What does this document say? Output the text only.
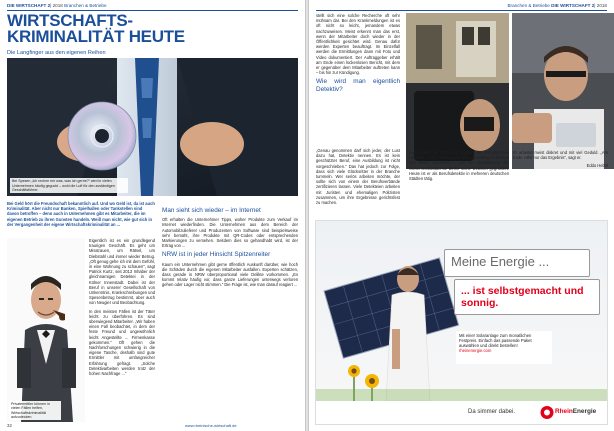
DIE WIRTSCHAFT 2| 2018 Branchen & Betriebe
WIRTSCHAFTS-
KRIMINALITÄT HEUTE
Die Langfinger aus den eigenen Reihen
Bei Spesen „ich rechne mir was, was ich gerne?“ wird in vielen Unternehmen häufig geguckt – wohl die Luft für den zuständigen Geschäftsführer.
Bei Geld hört die Freundschaft bekanntlich auf. Und wo Geld ist, da ist auch Kriminalität. Aber nicht nur Banken, Spielhallen oder Tankstellen sind davon betroffen – denn auch in Unternehmen gibt es Mitarbeiter, die im eigenen Betrieb zu ihren Gunsten handeln. Weiß man nicht, wie gut sich in der Vergangenheit der eigene Wirtschaftskriminalität an ...
Privatermittler können in vielen Fällen helfen, Wirtschaftskriminalität aufzudecken.

Eigentlich ist es ein grundlegend traurigen Geschäft. Es geht um Misstrauen, um Rätsel, um Diebstahl und immer wieder Betrug. „Oft genug gehe ich mit dem Gefühl, in eine Wohnung zu schauen“, sagt Patrick Kurtz, seit 2013 Inhaber der gleichnamigen Detektei in der Kölner Innenstadt. Dabei ist der Beruf in unserer Gesellschaft von Unkenntnis, Krankschreibungen und Spesenbetrug bestimmt, aber auch von Neugier und Beobachtung.

In den meisten Fällen ist der Täter leicht zu überführen. Es sind überwiegend Mitarbeiter. „Wir haben einen Fall beobachtet, in dem der feste Freund und ungewöhnlich leicht Angestellte ... Firmenkasse gekommen.“ Oft gehen die Nachforschungen schwierig in die eigene Tasche, deshalb sind gute Ermittler mit umfangreicher Erfahrung gefragt. „Solche Detektivarbeiten werden trotz der hohen Nachfrage ...“

Man sieht sich wieder – im Internet

Oft erhalten die Unternehmer Tipps, woher Produkte zum Verkauf im Internet wiederfinden. Die Unternehmen aus dem Bereich der Automobilzulieferer und Produzenten von Software sind beispielsweise sehr bemüht, ihre Produkte mit QR-Codes oder entsprechenden Markierungen zu versehen. Seitdem dies so gehandhabt wird, ist der Ertrag von ...

NRW ist in jeder Hinsicht Spitzenreiter

Kaum ein Unternehmen gibt gerne öffentlich Auskunft darüber, wie hoch die Schäden durch die eigenen Mitarbeiter ausfallen. Experten schätzen, dass gerade in NRW überproportional viele Delikte vorkommen. „Es kommt relativ häufig vor, dass ganze Lieferungen unterwegs verloren gehen oder Lager nicht stimmen.“ Die Frage ist, wie man darauf reagiert ...

32	www.rheinische-wirtschaft.de
Branchen & Betriebe DIE WIRTSCHAFT 2| 2018

stellt sich eine solche Recherche oft sehr mühsam dar. Bei den Krankmeldungen ist es oft nicht so leicht, jemandem etwas nachzuweisen. Meist erkennt man das erst, wenn der Mitarbeiter doch wieder in der Öffentlichkeit gesichtet wird. Genau dafür werden Experten beauftragt. Im Einzelfall werden die Ermittlungen dann mit Foto und Video dokumentiert. Der Auftraggeber erhält am Ende einen lückenlosen Bericht, mit dem er gegenüber dem Mitarbeiter auftreten kann – bis hin zur Kündigung.

Wie wird man eigentlich Detektiv?

„Genau genommen darf sich jeder, der Lust dazu hat, Detektiv nennen. Es ist kein geschützter Beruf, eine Ausbildung ist nicht vorgeschrieben.“ Das hat jedoch zur Folge, dass sich viele Glücksritter in der Branche tummeln. Wer seriös arbeiten möchte, der sollte sich von einem der Berufsverbände zertifizieren lassen. Viele Detekteien arbeiten mit Juristen und ehemaligen Polizisten zusammen, um ihre Ergebnisse gerichtsfest zu machen.

Kurtz selbst hat nach dem Studium der Europäischen Literatur – hier müssen wir allen Detektivgeschichten das Etikett aufsetzen – und der Absolvierung der Sicherheitsakademie Berlin seine Detektei gegründet. Heute ist er als Berufsdetektiv in mehreren deutschen Städten tätig.

Er arbeitet meist diskret und mit viel Geduld. „Am Ende zählt nur das Ergebnis“, sagt er.

Eddo Hebel

Meine Energie ...
... ist selbstgemacht und sonnig.
Mit einer Solaranlage zum monatlichen Festpreis. Einfach das passende Paket auswählen und direkt bestellen!
rheinenergie.com
Da simmer dabei.	RheinEnergie
